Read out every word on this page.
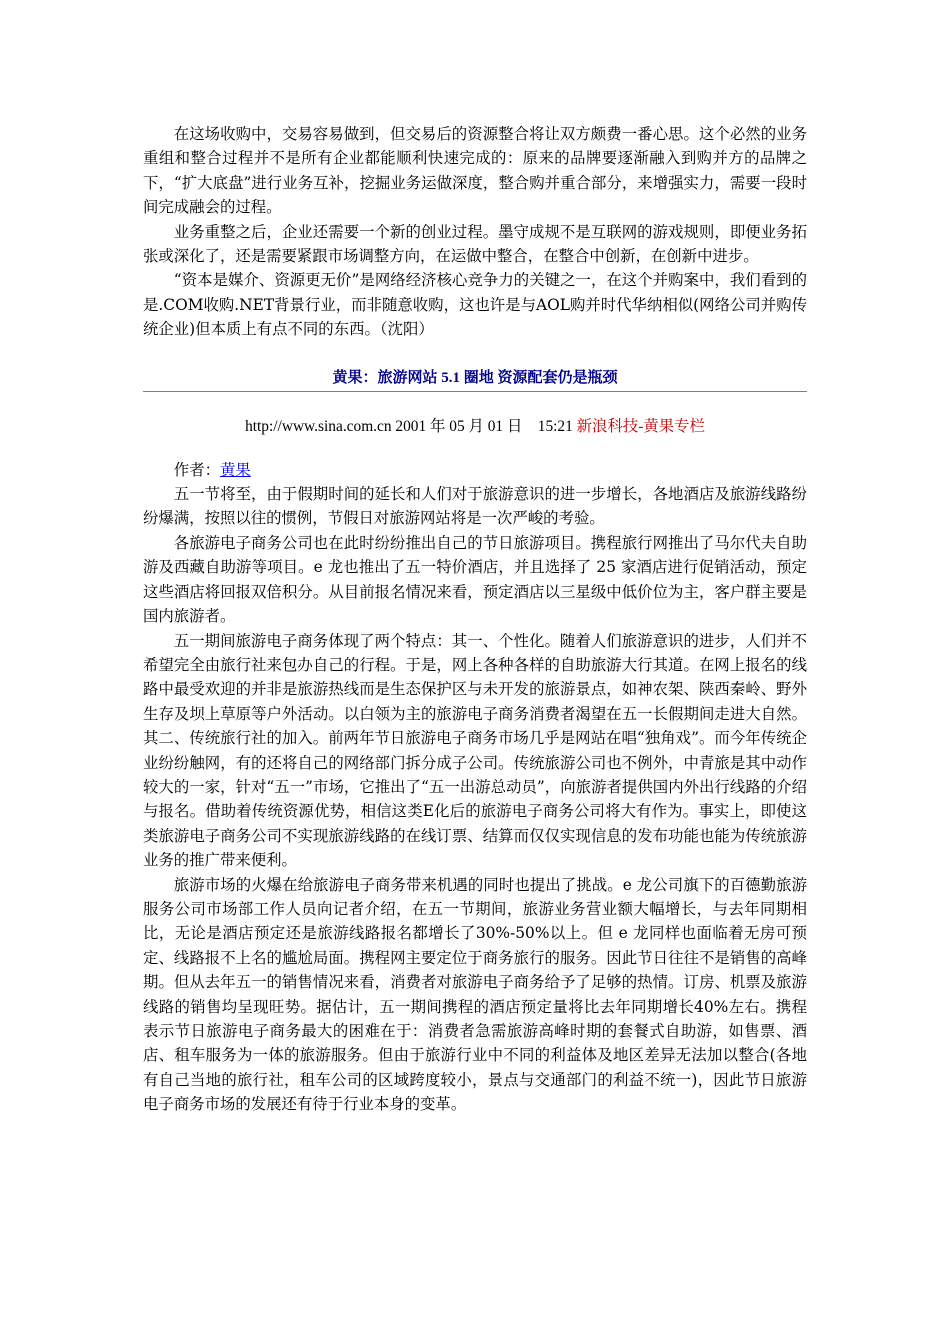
在这场收购中，交易容易做到，但交易后的资源整合将让双方颇费一番心思。这个必然的业务重组和整合过程并不是所有企业都能顺利快速完成的：原来的品牌要逐渐融入到购并方的品牌之下，“扩大底盘”进行业务互补，挖掘业务运做深度，整合购并重合部分，来增强实力，需要一段时间完成融会的过程。

业务重整之后，企业还需要一个新的创业过程。墨守成规不是互联网的游戏规则，即便业务拓张或深化了，还是需要紧跟市场调整方向，在运做中整合，在整合中创新，在创新中进步。

“资本是媒介、资源更无价”是网络经济核心竞争力的关键之一，在这个并购案中，我们看到的是.COM收购.NET背景行业，而非随意收购，这也许是与AOL购并时代华纳相似(网络公司并购传统企业)但本质上有点不同的东西。（沈阳）

黄果：旅游网站 5.1 圈地 资源配套仍是瓶颈
http://www.sina.com.cn 2001 年 05 月 01 日　15:21 新浪科技-黄果专栏

作者：黄果

五一节将至，由于假期时间的延长和人们对于旅游意识的进一步增长，各地酒店及旅游线路纷纷爆满，按照以往的惯例，节假日对旅游网站将是一次严峻的考验。

各旅游电子商务公司也在此时纷纷推出自己的节日旅游项目。携程旅行网推出了马尔代夫自助游及西藏自助游等项目。e 龙也推出了五一特价酒店，并且选择了 25 家酒店进行促销活动，预定这些酒店将回报双倍积分。从目前报名情况来看，预定酒店以三星级中低价位为主，客户群主要是国内旅游者。

五一期间旅游电子商务体现了两个特点：其一、个性化。随着人们旅游意识的进步，人们并不希望完全由旅行社来包办自己的行程。于是，网上各种各样的自助旅游大行其道。在网上报名的线路中最受欢迎的并非是旅游热线而是生态保护区与未开发的旅游景点，如神农架、陕西秦岭、野外生存及坝上草原等户外活动。以白领为主的旅游电子商务消费者渴望在五一长假期间走进大自然。其二、传统旅行社的加入。前两年节日旅游电子商务市场几乎是网站在唱“独角戏”。而今年传统企业纷纷触网，有的还将自己的网络部门拆分成子公司。传统旅游公司也不例外，中青旅是其中动作较大的一家，针对“五一”市场，它推出了“五一出游总动员”，向旅游者提供国内外出行线路的介绍与报名。借助着传统资源优势，相信这类E化后的旅游电子商务公司将大有作为。事实上，即使这类旅游电子商务公司不实现旅游线路的在线订票、结算而仅仅实现信息的发布功能也能为传统旅游业务的推广带来便利。

旅游市场的火爆在给旅游电子商务带来机遇的同时也提出了挑战。e 龙公司旗下的百德勤旅游服务公司市场部工作人员向记者介绍，在五一节期间，旅游业务营业额大幅增长，与去年同期相比，无论是酒店预定还是旅游线路报名都增长了30%-50%以上。但 e 龙同样也面临着无房可预定、线路报不上名的尴尬局面。携程网主要定位于商务旅行的服务。因此节日往往不是销售的高峰期。但从去年五一的销售情况来看，消费者对旅游电子商务给予了足够的热情。订房、机票及旅游线路的销售均呈现旺势。据估计，五一期间携程的酒店预定量将比去年同期增长40%左右。携程表示节日旅游电子商务最大的困难在于：消费者急需旅游高峰时期的套餐式自助游，如售票、酒店、租车服务为一体的旅游服务。但由于旅游行业中不同的利益体及地区差异无法加以整合(各地有自己当地的旅行社，租车公司的区域跨度较小，景点与交通部门的利益不统一)，因此节日旅游电子商务市场的发展还有待于行业本身的变革。
